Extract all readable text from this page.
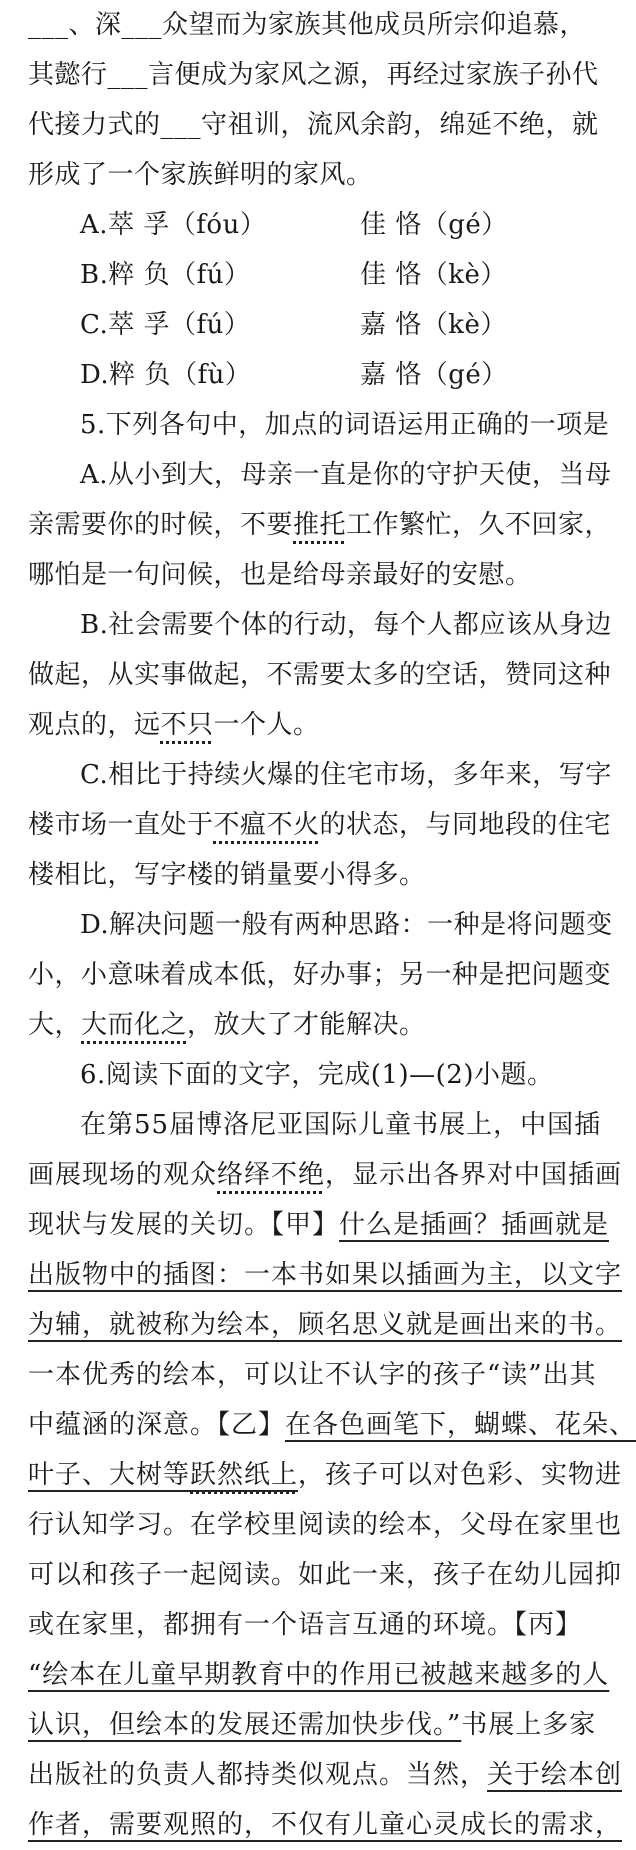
___、深___众望而为家族其他成员所宗仰追慕，
其懿行___言便成为家风之源，再经过家族子孙代
代接力式的___守祖训，流风余韵，绵延不绝，就
形成了一个家族鲜明的家风。
A.萃 孚（fóu）	佳 恪（gé）
B.粹 负（fú）	佳 恪（kè）
C.萃 孚（fú）	嘉 恪（kè）
D.粹 负（fù）	嘉 恪（gé）
5.下列各句中，加点的词语运用正确的一项是
A.从小到大，母亲一直是你的守护天使，当母
亲需要你的时候，不要推托工作繁忙，久不回家，
哪怕是一句问候，也是给母亲最好的安慰。
B.社会需要个体的行动，每个人都应该从身边
做起，从实事做起，不需要太多的空话，赞同这种
观点的，远不只一个人。
C.相比于持续火爆的住宅市场，多年来，写字
楼市场一直处于不瘟不火的状态，与同地段的住宅
楼相比，写字楼的销量要小得多。
D.解决问题一般有两种思路：一种是将问题变
小，小意味着成本低，好办事；另一种是把问题变
大，大而化之，放大了才能解决。
6.阅读下面的文字，完成(1)—(2)小题。
在第55届博洛尼亚国际儿童书展上，中国插
画展现场的观众络绎不绝，显示出各界对中国插画
现状与发展的关切。【甲】什么是插画？插画就是
出版物中的插图：一本书如果以插画为主，以文字
为辅，就被称为绘本，顾名思义就是画出来的书。
一本优秀的绘本，可以让不认字的孩子“读”出其
中蕴涵的深意。【乙】在各色画笔下，蝴蝶、花朵、
叶子、大树等跃然纸上，孩子可以对色彩、实物进
行认知学习。在学校里阅读的绘本，父母在家里也
可以和孩子一起阅读。如此一来，孩子在幼儿园抑
或在家里，都拥有一个语言互通的环境。【丙】
“绘本在儿童早期教育中的作用已被越来越多的人
认识，但绘本的发展还需加快步伐。”书展上多家
出版社的负责人都持类似观点。当然，关于绘本创
作者，需要观照的，不仅有儿童心灵成长的需求，
